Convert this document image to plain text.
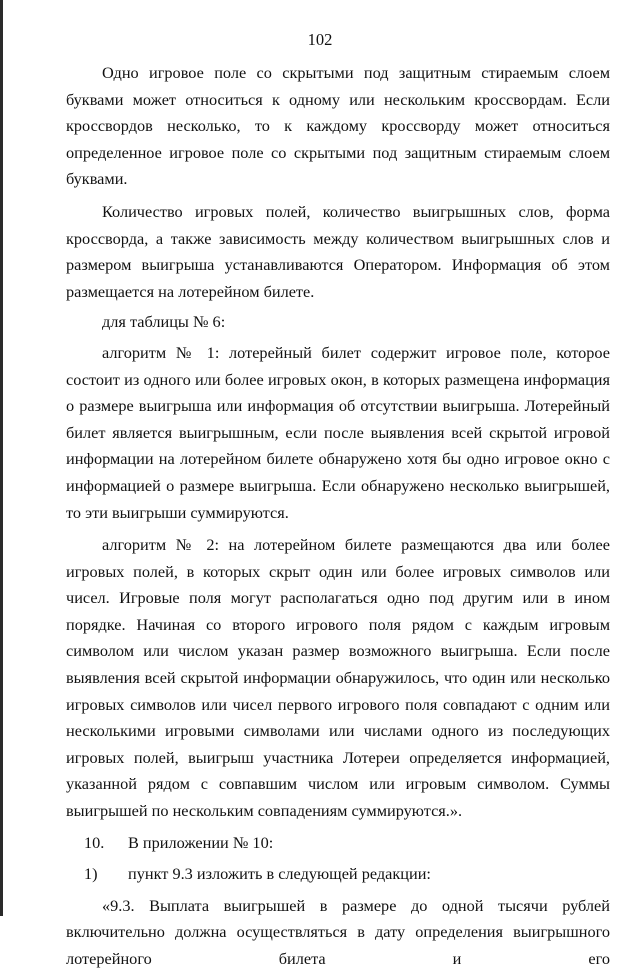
102

Одно игровое поле со скрытыми под защитным стираемым слоем буквами может относиться к одному или нескольким кроссвордам. Если кроссвордов несколько, то к каждому кроссворду может относиться определенное игровое поле со скрытыми под защитным стираемым слоем буквами.

Количество игровых полей, количество выигрышных слов, форма кроссворда, а также зависимость между количеством выигрышных слов и размером выигрыша устанавливаются Оператором. Информация об этом размещается на лотерейном билете.

для таблицы № 6:

алгоритм № 1: лотерейный билет содержит игровое поле, которое состоит из одного или более игровых окон, в которых размещена информация о размере выигрыша или информация об отсутствии выигрыша. Лотерейный билет является выигрышным, если после выявления всей скрытой игровой информации на лотерейном билете обнаружено хотя бы одно игровое окно с информацией о размере выигрыша. Если обнаружено несколько выигрышей, то эти выигрыши суммируются.

алгоритм № 2: на лотерейном билете размещаются два или более игровых полей, в которых скрыт один или более игровых символов или чисел. Игровые поля могут располагаться одно под другим или в ином порядке. Начиная со второго игрового поля рядом с каждым игровым символом или числом указан размер возможного выигрыша. Если после выявления всей скрытой информации обнаружилось, что один или несколько игровых символов или чисел первого игрового поля совпадают с одним или несколькими игровыми символами или числами одного из последующих игровых полей, выигрыш участника Лотереи определяется информацией, указанной рядом с совпавшим числом или игровым символом. Суммы выигрышей по нескольким совпадениям суммируются.».

10. В приложении № 10:
1) пункт 9.3 изложить в следующей редакции:

«9.3. Выплата выигрышей в размере до одной тысячи рублей включительно должна осуществляться в дату определения выигрышного лотерейного билета и его
